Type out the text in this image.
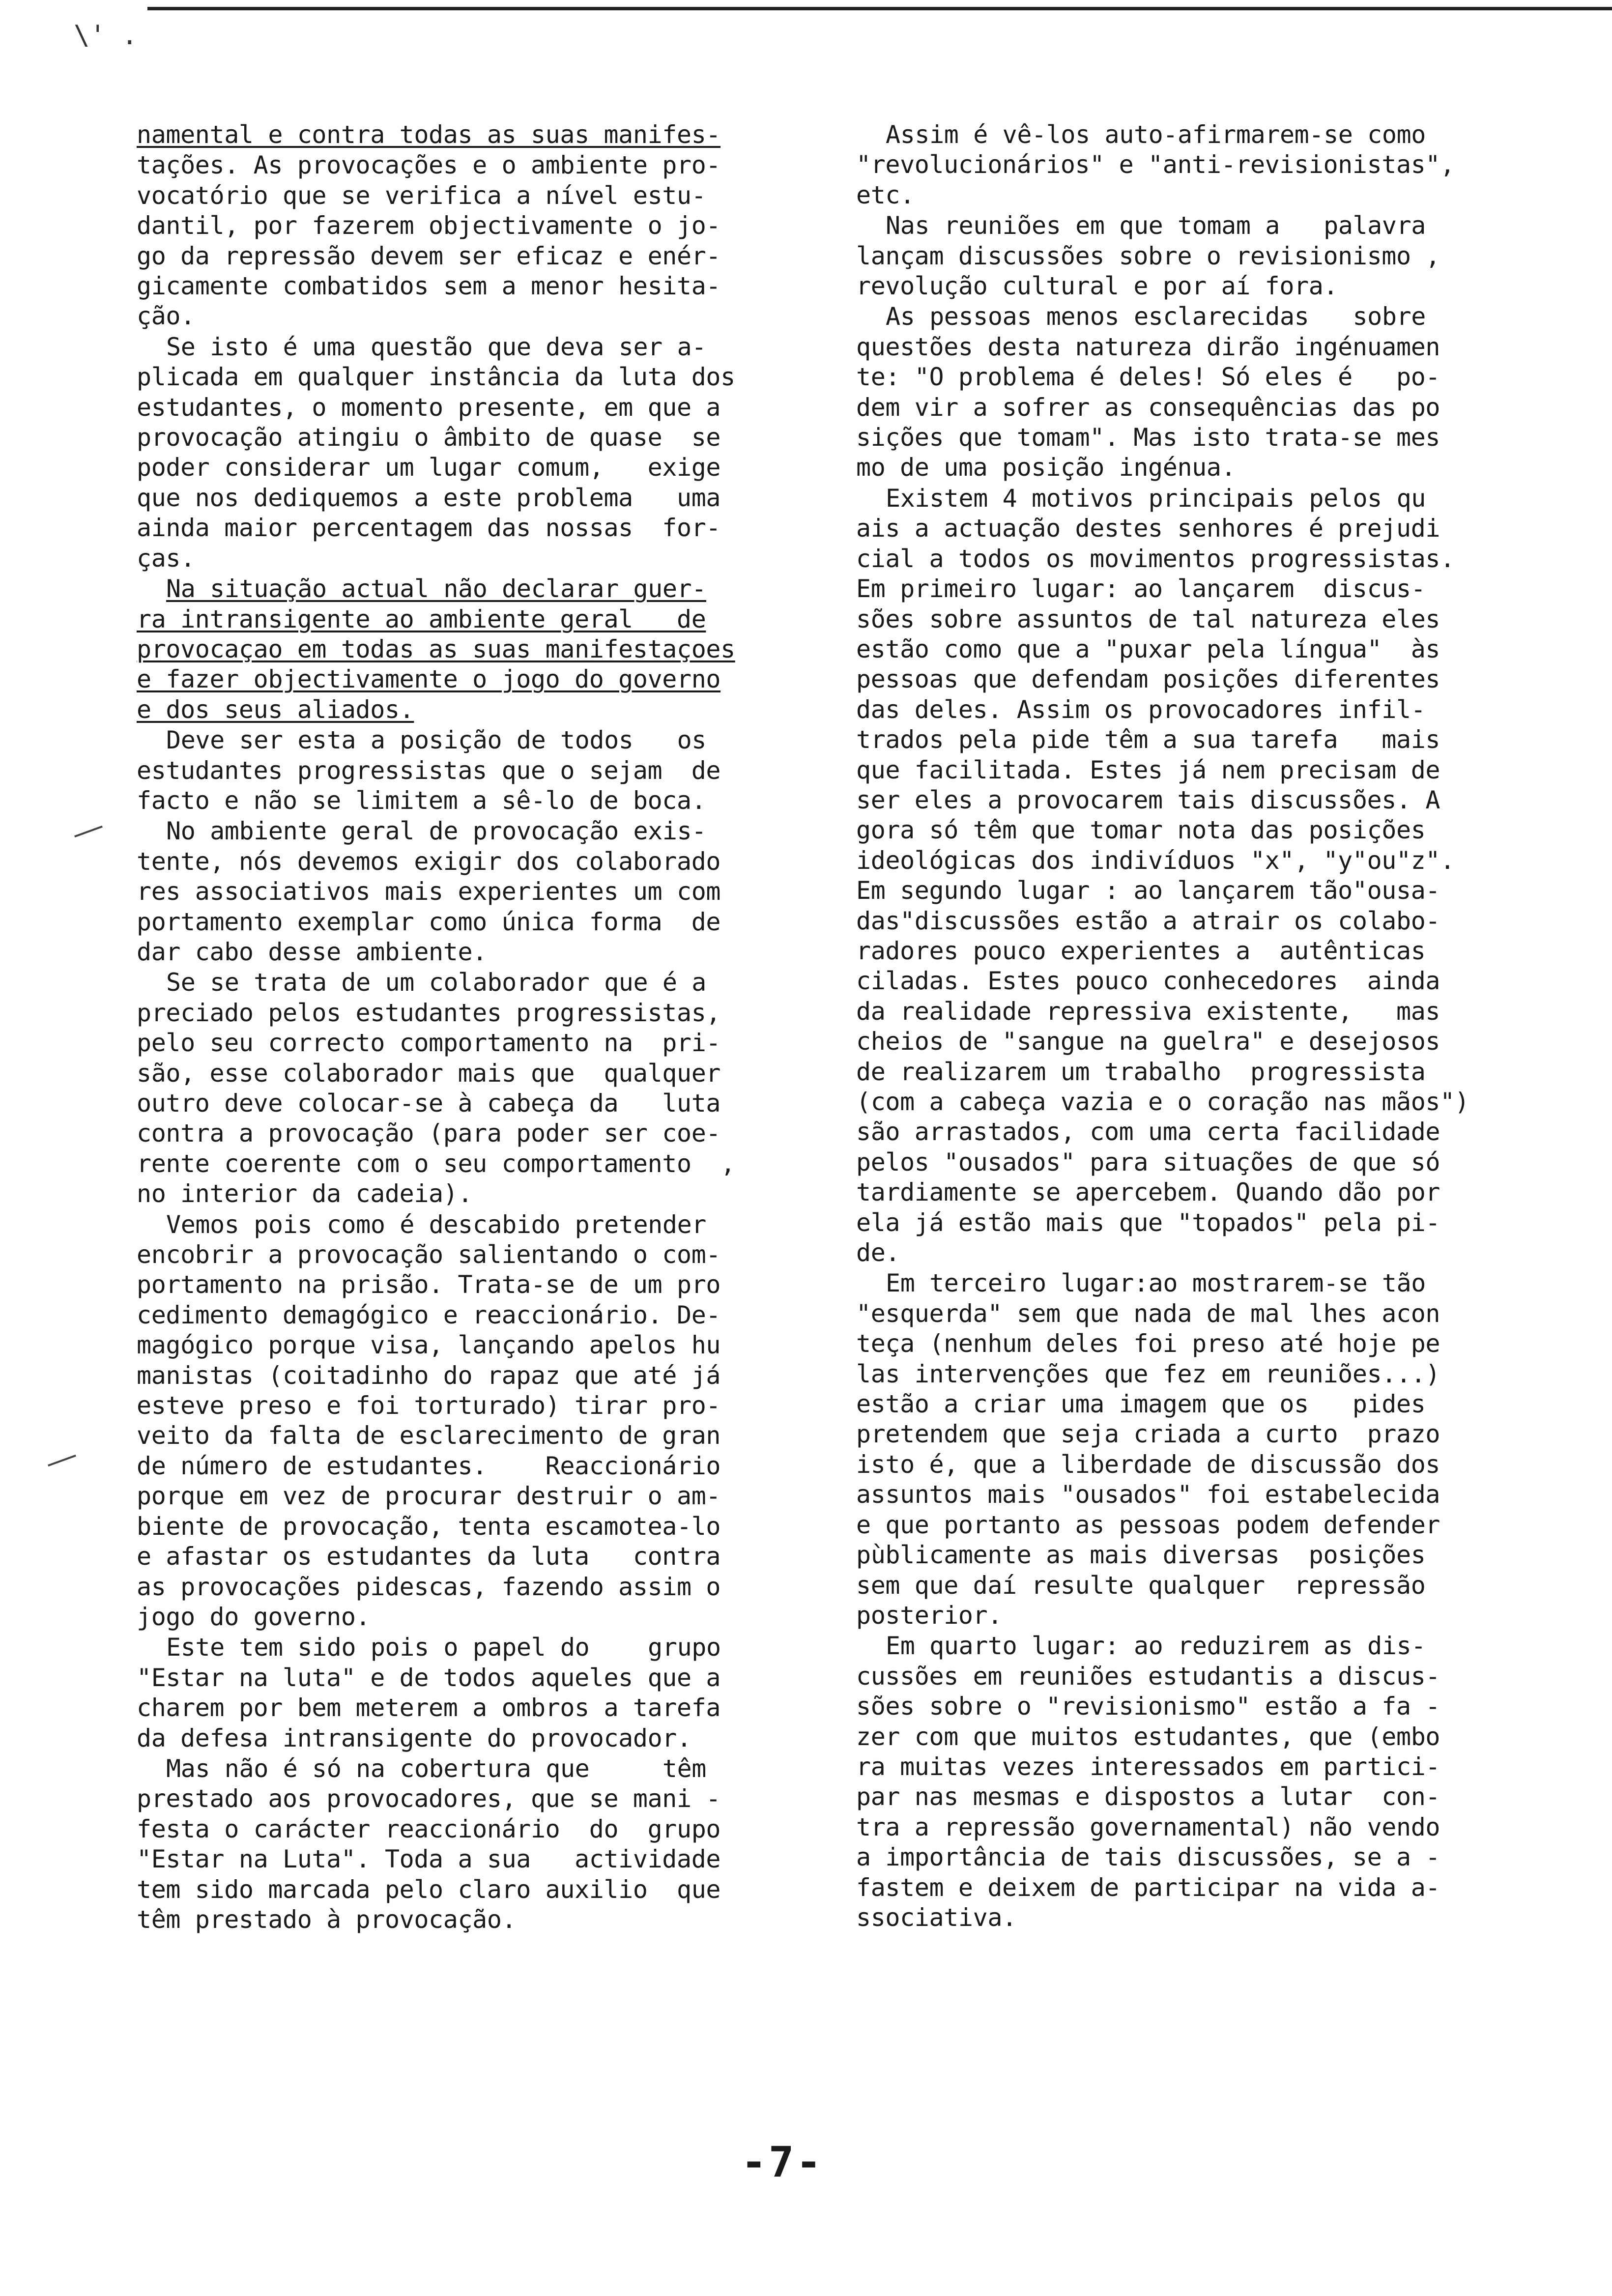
\' .

namental e contra todas as suas manifes-

tações. As provocações e o ambiente pro-
vocatório que se verifica a nível estu-
dantil, por fazerem objectivamente o jo-
go da repressão devem ser eficaz e enér-
gicamente combatidos sem a menor hesita-
ção.

Se isto é uma questão que deva ser a-
plicada em qualquer instância da luta dos
estudantes, o momento presente, em que a
provocação atingiu o âmbito de quase  se
poder considerar um lugar comum,   exige
que nos dediquemos a este problema   uma
ainda maior percentagem das nossas  for-
ças.

Na situação actual não declarar guer-
ra intransigente ao ambiente geral   de
provocaçao em todas as suas manifestaçoes
e fazer objectivamente o jogo do governo
e dos seus aliados.

Deve ser esta a posição de todos   os
estudantes progressistas que o sejam  de
facto e não se limitem a sê-lo de boca.

No ambiente geral de provocação exis-
tente, nós devemos exigir dos colaborado
res associativos mais experientes um com
portamento exemplar como única forma  de
dar cabo desse ambiente.

Se se trata de um colaborador que é a
preciado pelos estudantes progressistas,
pelo seu correcto comportamento na  pri-
são, esse colaborador mais que  qualquer
outro deve colocar-se à cabeça da   luta
contra a provocação (para poder ser coe-
rente coerente com o seu comportamento  ,
no interior da cadeia).

Vemos pois como é descabido pretender
encobrir a provocação salientando o com-
portamento na prisão. Trata-se de um pro
cedimento demagógico e reaccionário. De-
magógico porque visa, lançando apelos hu
manistas (coitadinho do rapaz que até já
esteve preso e foi torturado) tirar pro-
veito da falta de esclarecimento de gran
de número de estudantes.    Reaccionário
porque em vez de procurar destruir o am-
biente de provocação, tenta escamotea-lo
e afastar os estudantes da luta   contra
as provocações pidescas, fazendo assim o
jogo do governo.

Este tem sido pois o papel do    grupo
"Estar na luta" e de todos aqueles que a
charem por bem meterem a ombros a tarefa
da defesa intransigente do provocador.

Mas não é só na cobertura que     têm
prestado aos provocadores, que se mani -
festa o carácter reaccionário  do  grupo
"Estar na Luta". Toda a sua   actividade
tem sido marcada pelo claro auxilio  que
têm prestado à provocação.

Assim é vê-los auto-afirmarem-se como
"revolucionários" e "anti-revisionistas",
etc.

Nas reuniões em que tomam a   palavra
lançam discussões sobre o revisionismo ,
revolução cultural e por aí fora.

As pessoas menos esclarecidas   sobre
questões desta natureza dirão ingénuamen
te: "O problema é deles! Só eles é   po-
dem vir a sofrer as consequências das po
sições que tomam". Mas isto trata-se mes
mo de uma posição ingénua.

Existem 4 motivos principais pelos qu
ais a actuação destes senhores é prejudi
cial a todos os movimentos progressistas.
Em primeiro lugar: ao lançarem  discus-
sões sobre assuntos de tal natureza eles
estão como que a "puxar pela língua"  às
pessoas que defendam posições diferentes
das deles. Assim os provocadores infil-
trados pela pide têm a sua tarefa   mais
que facilitada. Estes já nem precisam de
ser eles a provocarem tais discussões. A
gora só têm que tomar nota das posições
ideológicas dos indivíduos "x", "y"ou"z".
Em segundo lugar : ao lançarem tão"ousa-
das"discussões estão a atrair os colabo-
radores pouco experientes a  autênticas
ciladas. Estes pouco conhecedores  ainda
da realidade repressiva existente,   mas
cheios de "sangue na guelra" e desejosos
de realizarem um trabalho  progressista
(com a cabeça vazia e o coração nas mãos")
são arrastados, com uma certa facilidade
pelos "ousados" para situações de que só
tardiamente se apercebem. Quando dão por
ela já estão mais que "topados" pela pi-
de.

Em terceiro lugar:ao mostrarem-se tão
"esquerda" sem que nada de mal lhes acon
teça (nenhum deles foi preso até hoje pe
las intervenções que fez em reuniões...)
estão a criar uma imagem que os   pides
pretendem que seja criada a curto  prazo
isto é, que a liberdade de discussão dos
assuntos mais "ousados" foi estabelecida
e que portanto as pessoas podem defender
pùblicamente as mais diversas  posições
sem que daí resulte qualquer  repressão
posterior.

Em quarto lugar: ao reduzirem as dis-
cussões em reuniões estudantis a discus-
sões sobre o "revisionismo" estão a fa -
zer com que muitos estudantes, que (embo
ra muitas vezes interessados em partici-
par nas mesmas e dispostos a lutar  con-
tra a repressão governamental) não vendo
a importância de tais discussões, se a -
fastem e deixem de participar na vida a-
ssociativa.

-7-
